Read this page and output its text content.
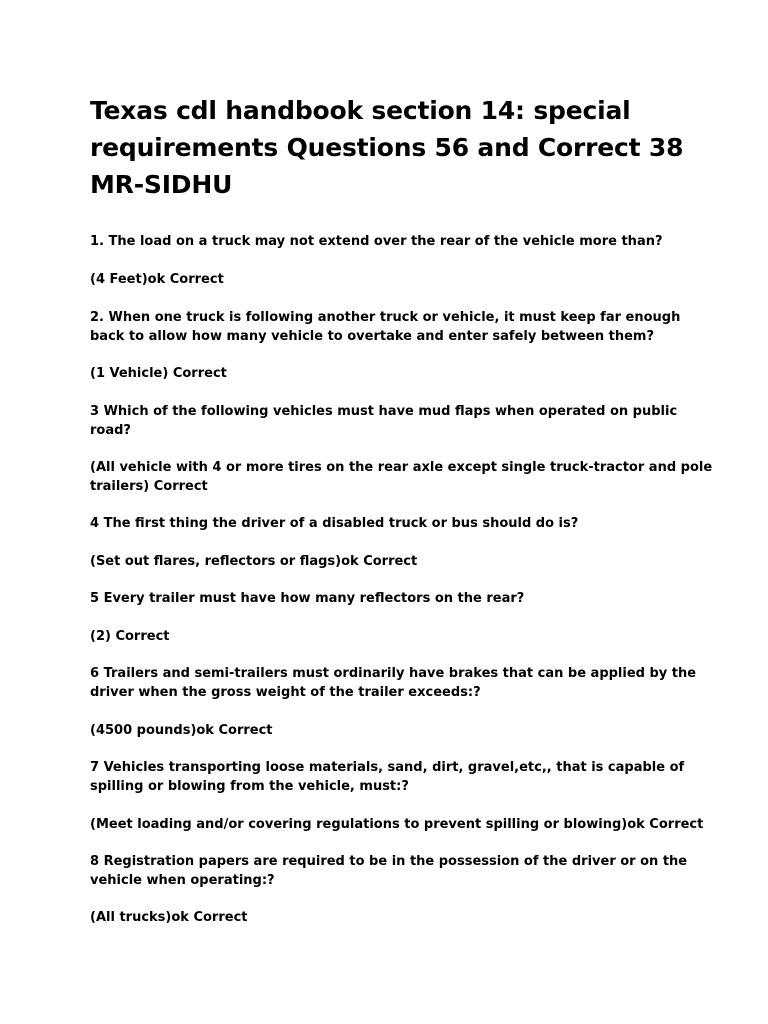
Texas cdl handbook section 14: special
requirements Questions 56 and Correct 38
MR-SIDHU
1. The load on a truck may not extend over the rear of the vehicle more than?
(4 Feet)ok Correct
2. When one truck is following another truck or vehicle, it must keep far enough
back to allow how many vehicle to overtake and enter safely between them?
(1 Vehicle) Correct
3 Which of the following vehicles must have mud flaps when operated on public
road?
(All vehicle with 4 or more tires on the rear axle except single truck-tractor and pole
trailers) Correct
4 The first thing the driver of a disabled truck or bus should do is?
(Set out flares, reflectors or flags)ok Correct
5 Every trailer must have how many reflectors on the rear?
(2) Correct
6 Trailers and semi-trailers must ordinarily have brakes that can be applied by the
driver when the gross weight of the trailer exceeds:?
(4500 pounds)ok Correct
7 Vehicles transporting loose materials, sand, dirt, gravel,etc,, that is capable of
spilling or blowing from the vehicle, must:?
(Meet loading and/or covering regulations to prevent spilling or blowing)ok Correct
8 Registration papers are required to be in the possession of the driver or on the
vehicle when operating:?
(All trucks)ok Correct
